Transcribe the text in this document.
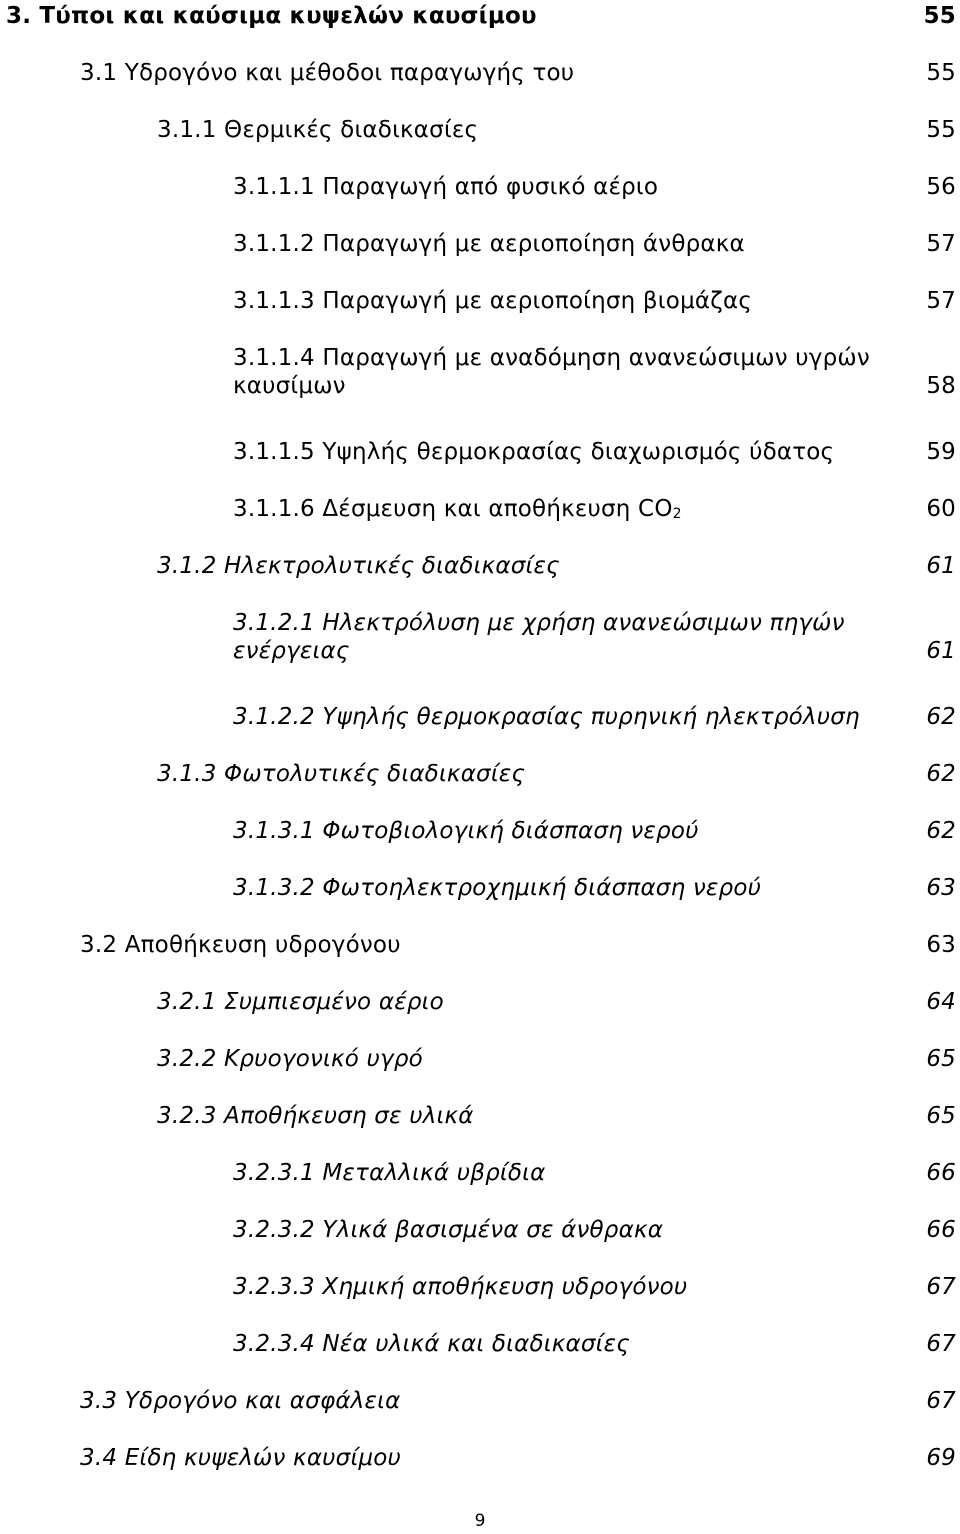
3. Τύποι και καύσιμα κυψελών καυσίμου	55
3.1 Υδρογόνο και μέθοδοι παραγωγής του	55
3.1.1 Θερμικές διαδικασίες	55
3.1.1.1 Παραγωγή από φυσικό αέριο	56
3.1.1.2 Παραγωγή με αεριοποίηση άνθρακα	57
3.1.1.3 Παραγωγή με αεριοποίηση βιομάζας	57
3.1.1.4 Παραγωγή με αναδόμηση ανανεώσιμων υγρών
καυσίμων	58
3.1.1.5 Υψηλής θερμοκρασίας διαχωρισμός ύδατος	59
3.1.1.6 Δέσμευση και αποθήκευση $CO_2$	60
3.1.2 Ηλεκτρολυτικές διαδικασίες	61
3.1.2.1 Ηλεκτρόλυση με χρήση ανανεώσιμων πηγών
ενέργειας	61
3.1.2.2 Υψηλής θερμοκρασίας πυρηνική ηλεκτρόλυση	62
3.1.3 Φωτολυτικές διαδικασίες	62
3.1.3.1 Φωτοβιολογική διάσπαση νερού	62
3.1.3.2 Φωτοηλεκτροχημική διάσπαση νερού	63
3.2 Αποθήκευση υδρογόνου	63
3.2.1 Συμπιεσμένο αέριο	64
3.2.2 Κρυογονικό υγρό	65
3.2.3 Αποθήκευση σε υλικά	65
3.2.3.1 Μεταλλικά υβρίδια	66
3.2.3.2 Υλικά βασισμένα σε άνθρακα	66
3.2.3.3 Χημική αποθήκευση υδρογόνου	67
3.2.3.4 Νέα υλικά και διαδικασίες	67
3.3 Υδρογόνο και ασφάλεια	67
3.4 Είδη κυψελών καυσίμου	69
9
